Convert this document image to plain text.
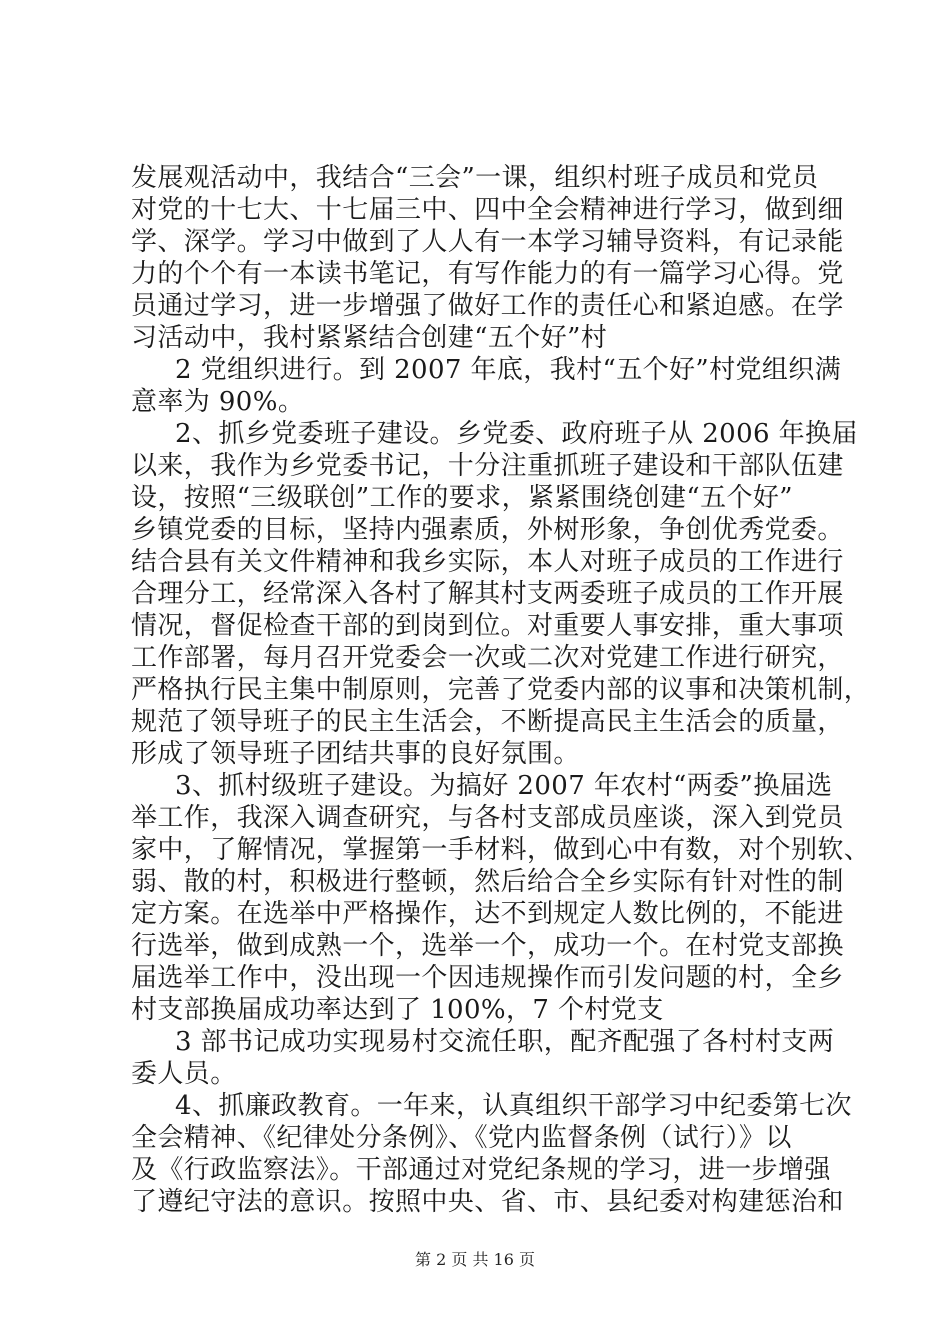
发展观活动中，我结合“三会”一课，组织村班子成员和党员
对党的十七大、十七届三中、四中全会精神进行学习，做到细
学、深学。学习中做到了人人有一本学习辅导资料，有记录能
力的个个有一本读书笔记，有写作能力的有一篇学习心得。党
员通过学习，进一步增强了做好工作的责任心和紧迫感。在学
习活动中，我村紧紧结合创建“五个好”村
2 党组织进行。到 2007 年底，我村“五个好”村党组织满
意率为 90%。
2、抓乡党委班子建设。乡党委、政府班子从 2006 年换届
以来，我作为乡党委书记，十分注重抓班子建设和干部队伍建
设，按照“三级联创”工作的要求，紧紧围绕创建“五个好”
乡镇党委的目标，坚持内强素质，外树形象，争创优秀党委。
结合县有关文件精神和我乡实际，本人对班子成员的工作进行
合理分工，经常深入各村了解其村支两委班子成员的工作开展
情况，督促检查干部的到岗到位。对重要人事安排，重大事项
工作部署，每月召开党委会一次或二次对党建工作进行研究，
严格执行民主集中制原则，完善了党委内部的议事和决策机制，
规范了领导班子的民主生活会，不断提高民主生活会的质量，
形成了领导班子团结共事的良好氛围。
3、抓村级班子建设。为搞好 2007 年农村“两委”换届选
举工作，我深入调查研究，与各村支部成员座谈，深入到党员
家中，了解情况，掌握第一手材料，做到心中有数，对个别软、
弱、散的村，积极进行整顿，然后给合全乡实际有针对性的制
定方案。在选举中严格操作，达不到规定人数比例的，不能进
行选举，做到成熟一个，选举一个，成功一个。在村党支部换
届选举工作中，没出现一个因违规操作而引发问题的村，全乡
村支部换届成功率达到了 100%，7 个村党支
3 部书记成功实现易村交流任职，配齐配强了各村村支两
委人员。
4、抓廉政教育。一年来，认真组织干部学习中纪委第七次
全会精神、《纪律处分条例》、《党内监督条例（试行）》以
及《行政监察法》。干部通过对党纪条规的学习，进一步增强
了遵纪守法的意识。按照中央、省、市、县纪委对构建惩治和
第 2 页 共 16 页
